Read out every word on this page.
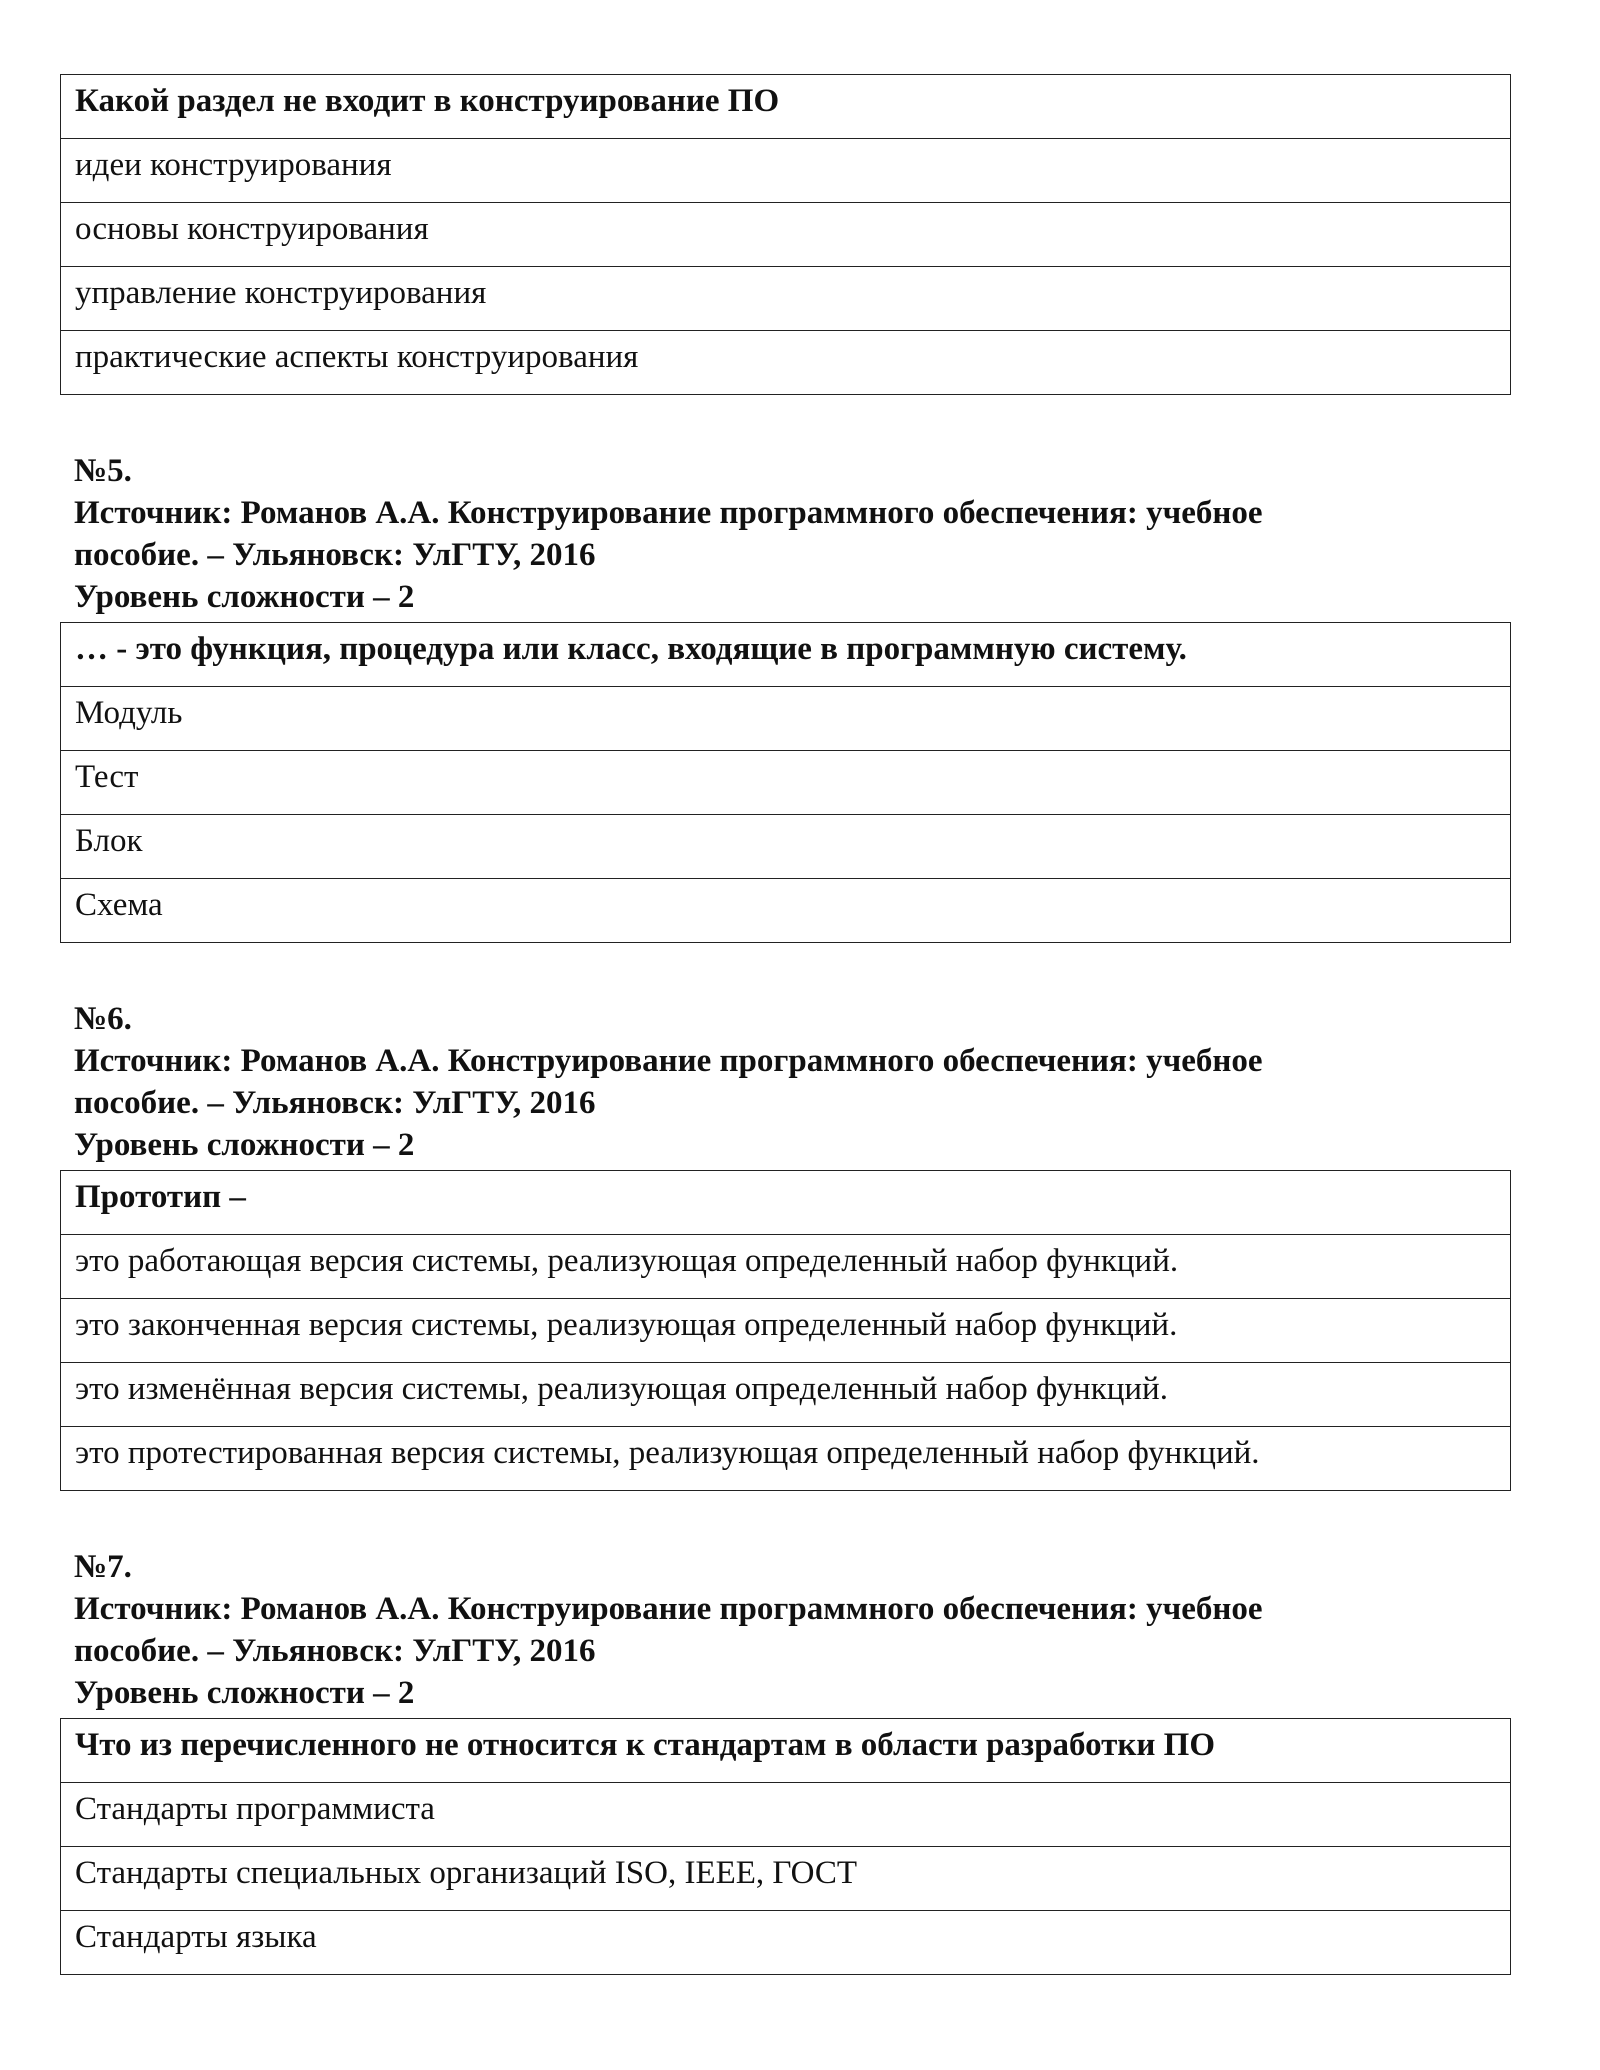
Какой раздел не входит в конструирование ПО
идеи конструирования
основы конструирования
управление конструирования
практические аспекты конструирования

№5.

Источник: Романов А.А. Конструирование программного обеспечения: учебное

пособие. – Ульяновск: УлГТУ, 2016

Уровень сложности – 2

… - это функция, процедура или класс, входящие в программную систему.
Модуль
Тест
Блок
Схема

№6.

Источник: Романов А.А. Конструирование программного обеспечения: учебное

пособие. – Ульяновск: УлГТУ, 2016

Уровень сложности – 2

Прототип –
это работающая версия системы, реализующая определенный набор функций.
это законченная версия системы, реализующая определенный набор функций.
это изменённая версия системы, реализующая определенный набор функций.
это протестированная версия системы, реализующая определенный набор функций.

№7.

Источник: Романов А.А. Конструирование программного обеспечения: учебное

пособие. – Ульяновск: УлГТУ, 2016

Уровень сложности – 2

Что из перечисленного не относится к стандартам в области разработки ПО
Стандарты программиста
Стандарты специальных организаций ISO, IEEE, ГОСТ
Стандарты языка
